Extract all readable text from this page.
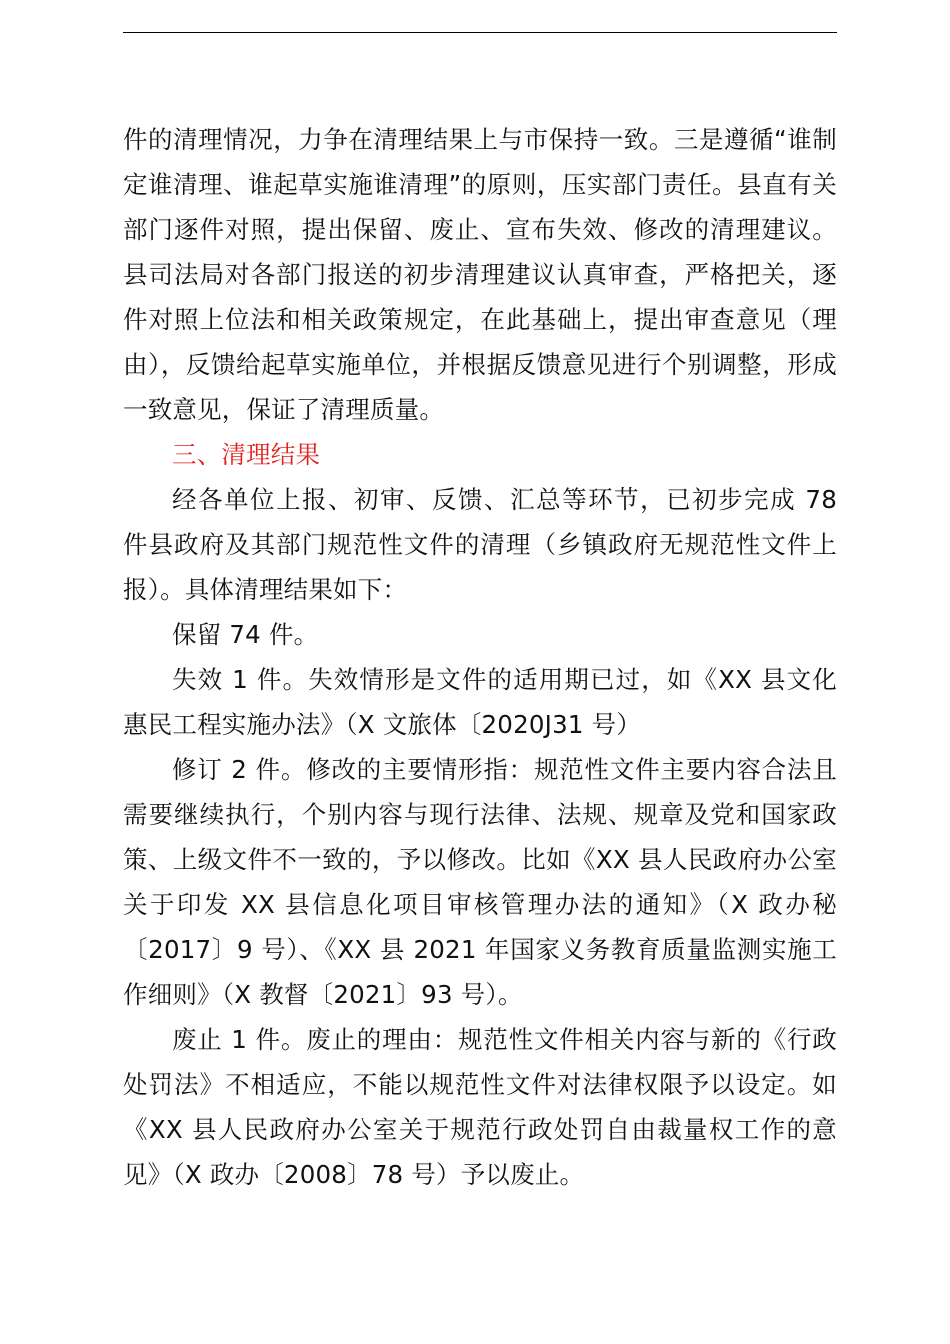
件的清理情况，力争在清理结果上与市保持一致。三是遵循“谁制定谁清理、谁起草实施谁清理”的原则，压实部门责任。县直有关部门逐件对照，提出保留、废止、宣布失效、修改的清理建议。县司法局对各部门报送的初步清理建议认真审查，严格把关，逐件对照上位法和相关政策规定，在此基础上，提出审查意见（理由），反馈给起草实施单位，并根据反馈意见进行个别调整，形成一致意见，保证了清理质量。

三、清理结果

经各单位上报、初审、反馈、汇总等环节，已初步完成 78 件县政府及其部门规范性文件的清理（乡镇政府无规范性文件上报）。具体清理结果如下：

保留 74 件。

失效 1 件。失效情形是文件的适用期已过，如《XX 县文化惠民工程实施办法》（X 文旅体〔2020J31 号）

修订 2 件。修改的主要情形指：规范性文件主要内容合法且需要继续执行，个别内容与现行法律、法规、规章及党和国家政策、上级文件不一致的，予以修改。比如《XX 县人民政府办公室关于印发 XX 县信息化项目审核管理办法的通知》（X 政办秘〔2017〕9 号）、《XX 县 2021 年国家义务教育质量监测实施工作细则》（X 教督〔2021〕93 号）。

废止 1 件。废止的理由：规范性文件相关内容与新的《行政处罚法》不相适应，不能以规范性文件对法律权限予以设定。如《XX 县人民政府办公室关于规范行政处罚自由裁量权工作的意见》（X 政办〔2008〕78 号）予以废止。
